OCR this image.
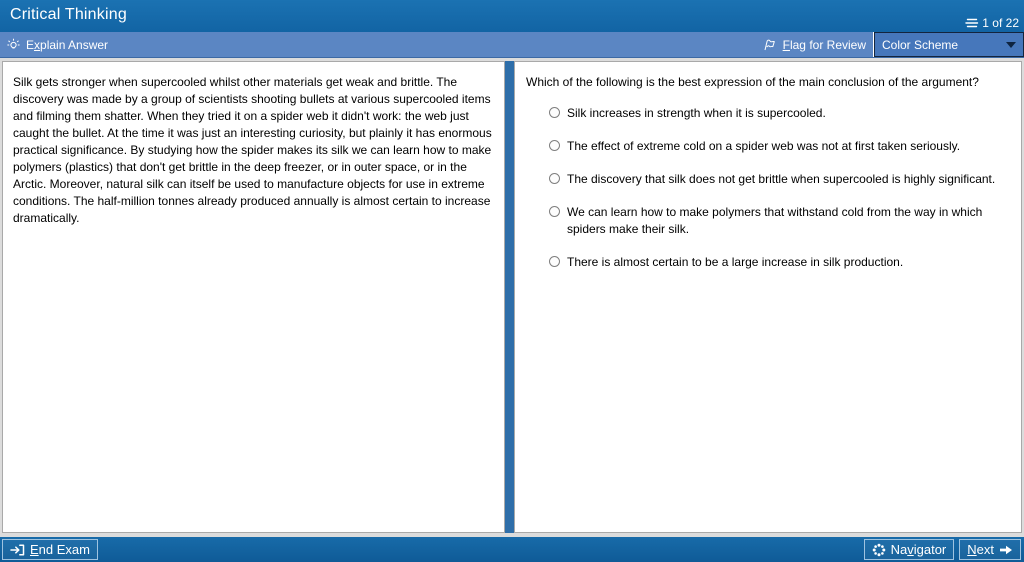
Critical Thinking	1 of 22
Explain Answer	Flag for Review Color Scheme
Silk gets stronger when supercooled whilst other materials get weak and brittle. The discovery was made by a group of scientists shooting bullets at various supercooled items and filming them shatter. When they tried it on a spider web it didn't work: the web just caught the bullet. At the time it was just an interesting curiosity, but plainly it has enormous practical significance. By studying how the spider makes its silk we can learn how to make polymers (plastics) that don't get brittle in the deep freezer, or in outer space, or in the Arctic. Moreover, natural silk can itself be used to manufacture objects for use in extreme conditions. The half-million tonnes already produced annually is almost certain to increase dramatically.
Which of the following is the best expression of the main conclusion of the argument?
Silk increases in strength when it is supercooled.
The effect of extreme cold on a spider web was not at first taken seriously.
The discovery that silk does not get brittle when supercooled is highly significant.
We can learn how to make polymers that withstand cold from the way in which spiders make their silk.
There is almost certain to be a large increase in silk production.
End Exam	Navigator Next
